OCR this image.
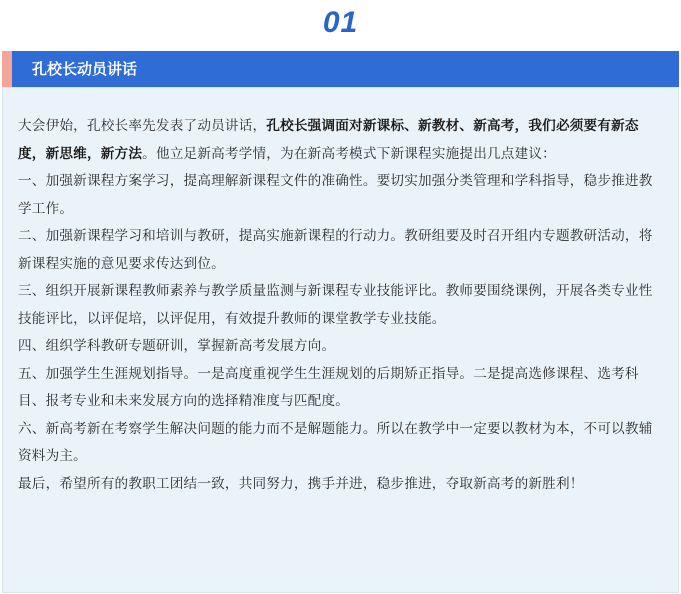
01
孔校长动员讲话

大会伊始，孔校长率先发表了动员讲话，孔校长强调面对新课标、新教材、新高考，我们必须要有新态度，新思维，新方法。他立足新高考学情，为在新高考模式下新课程实施提出几点建议：

一、加强新课程方案学习，提高理解新课程文件的准确性。要切实加强分类管理和学科指导，稳步推进教学工作。

二、加强新课程学习和培训与教研，提高实施新课程的行动力。教研组要及时召开组内专题教研活动，将新课程实施的意见要求传达到位。

三、组织开展新课程教师素养与教学质量监测与新课程专业技能评比。教师要围绕课例，开展各类专业性技能评比，以评促培，以评促用，有效提升教师的课堂教学专业技能。

四、组织学科教研专题研训，掌握新高考发展方向。

五、加强学生生涯规划指导。一是高度重视学生生涯规划的后期矫正指导。二是提高选修课程、选考科目、报考专业和未来发展方向的选择精准度与匹配度。

六、新高考新在考察学生解决问题的能力而不是解题能力。所以在教学中一定要以教材为本，不可以教辅资料为主。

最后，希望所有的教职工团结一致，共同努力，携手并进，稳步推进，夺取新高考的新胜利！
